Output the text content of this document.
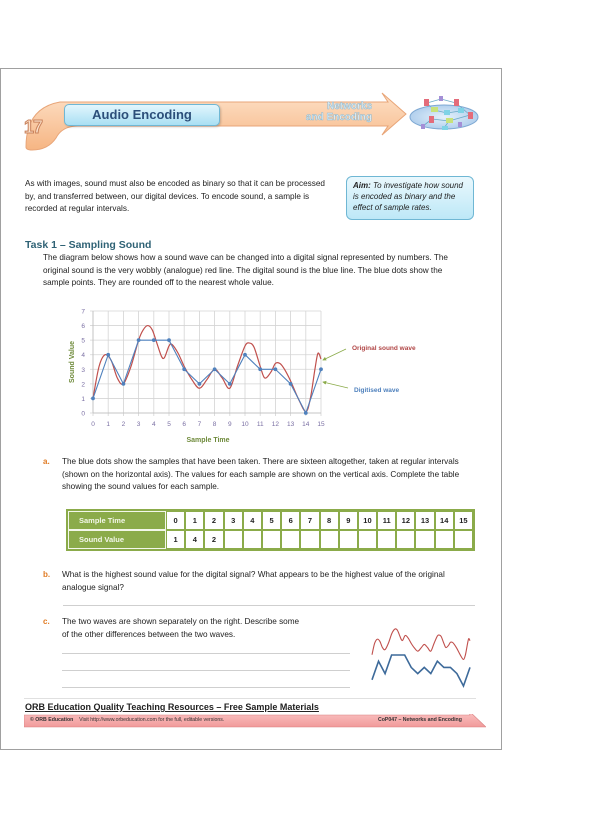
17
Audio Encoding
Networks
and Encoding
As with images, sound must also be encoded as binary so that it can be processed by, and transferred between, our digital devices. To encode sound, a sample is recorded at regular intervals.
Aim: To investigate how sound is encoded as binary and the effect of sample rates.
Task 1 – Sampling Sound
The diagram below shows how a sound wave can be changed into a digital signal represented by numbers. The original sound is the very wobbly (analogue) red line. The digital sound is the blue line. The blue dots show the sample points. They are rounded off to the nearest whole value.
0
1
2
3
4
5
6
7
0 1 2 3 4 5 6 7 8 9 10 11 12 13 14 15
Sound Value
Sample Time
Original sound wave
Digitised wave
a. The blue dots show the samples that have been taken. There are sixteen altogether, taken at regular intervals (shown on the horizontal axis). The values for each sample are shown on the vertical axis. Complete the table showing the sound values for each sample.
Sample Time	0	1	2	3	4	5	6	7	8	9	10	11	12	13	14	15
Sound Value	1	4	2													
b. What is the highest sound value for the digital signal? What appears to be the highest value of the original analogue signal?
c. The two waves are shown separately on the right. Describe some of the other differences between the two waves.
ORB Education Quality Teaching Resources – Free Sample Materials
© ORB Education Visit http://www.orbeducation.com for the full, editable versions.	CoP047 – Networks and Encoding
